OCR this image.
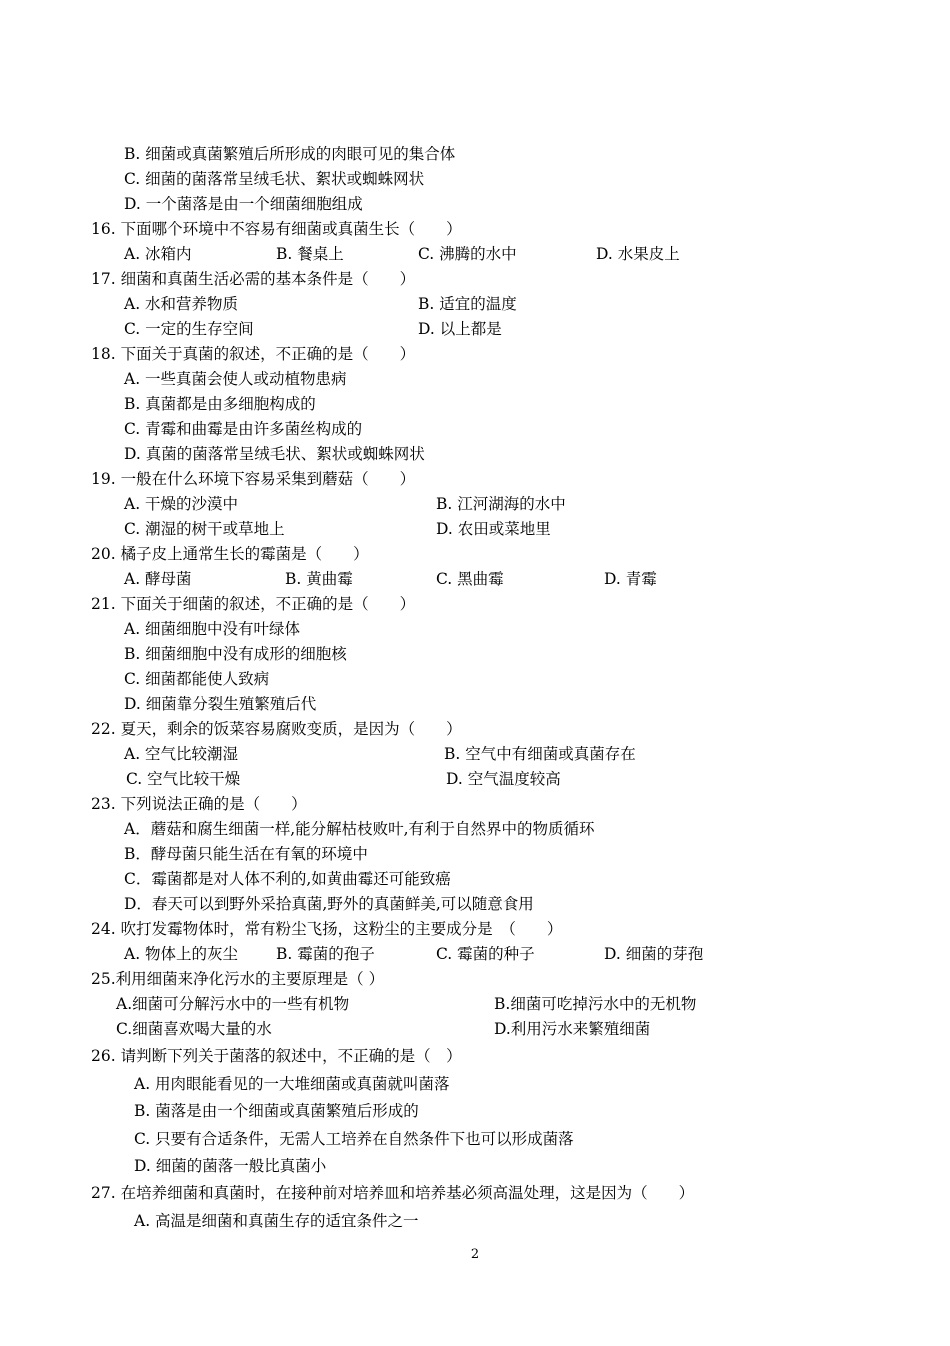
B. 细菌或真菌繁殖后所形成的肉眼可见的集合体
C. 细菌的菌落常呈绒毛状、絮状或蜘蛛网状
D. 一个菌落是由一个细菌细胞组成
16. 下面哪个环境中不容易有细菌或真菌生长（　　）
A. 冰箱内	B. 餐桌上	C. 沸腾的水中	D. 水果皮上
17. 细菌和真菌生活必需的基本条件是（　　）
A. 水和营养物质	B. 适宜的温度
C. 一定的生存空间	D. 以上都是
18. 下面关于真菌的叙述，不正确的是（　　）
A. 一些真菌会使人或动植物患病
B. 真菌都是由多细胞构成的
C. 青霉和曲霉是由许多菌丝构成的
D. 真菌的菌落常呈绒毛状、絮状或蜘蛛网状
19. 一般在什么环境下容易采集到蘑菇（　　）
A. 干燥的沙漠中	B. 江河湖海的水中
C. 潮湿的树干或草地上	D. 农田或菜地里
20. 橘子皮上通常生长的霉菌是（　　）
A. 酵母菌	B. 黄曲霉	C. 黑曲霉	D. 青霉
21. 下面关于细菌的叙述，不正确的是（　　）
A. 细菌细胞中没有叶绿体
B. 细菌细胞中没有成形的细胞核
C. 细菌都能使人致病
D. 细菌靠分裂生殖繁殖后代
22. 夏天，剩余的饭菜容易腐败变质，是因为（　　）
A. 空气比较潮湿	B. 空气中有细菌或真菌存在
C. 空气比较干燥	D. 空气温度较高
23. 下列说法正确的是（　　）
A．蘑菇和腐生细菌一样,能分解枯枝败叶,有利于自然界中的物质循环
B．酵母菌只能生活在有氧的环境中
C．霉菌都是对人体不利的,如黄曲霉还可能致癌
D．春天可以到野外采拾真菌,野外的真菌鲜美,可以随意食用
24. 吹打发霉物体时，常有粉尘飞扬，这粉尘的主要成分是　（　　）
A. 物体上的灰尘 B. 霉菌的孢子	C. 霉菌的种子	D. 细菌的芽孢
25.利用细菌来净化污水的主要原理是（ ）
A.细菌可分解污水中的一些有机物	B.细菌可吃掉污水中的无机物
C.细菌喜欢喝大量的水	D.利用污水来繁殖细菌
26. 请判断下列关于菌落的叙述中，不正确的是（　）
A. 用肉眼能看见的一大堆细菌或真菌就叫菌落
B. 菌落是由一个细菌或真菌繁殖后形成的
C. 只要有合适条件，无需人工培养在自然条件下也可以形成菌落
D. 细菌的菌落一般比真菌小
27. 在培养细菌和真菌时，在接种前对培养皿和培养基必须高温处理，这是因为（　　）
A. 高温是细菌和真菌生存的适宜条件之一
2
